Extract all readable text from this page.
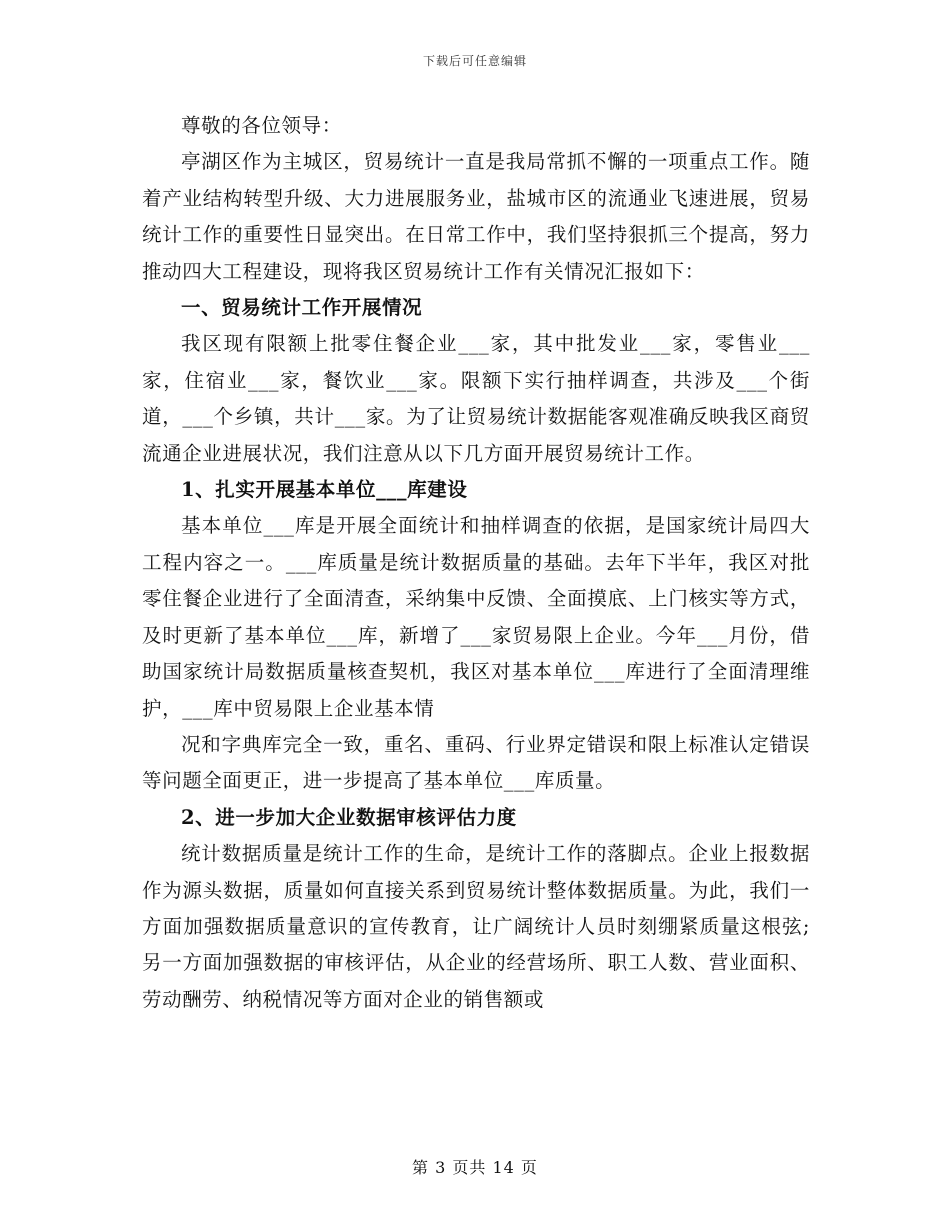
下载后可任意编辑

尊敬的各位领导：

亭湖区作为主城区，贸易统计一直是我局常抓不懈的一项重点工作。随着产业结构转型升级、大力进展服务业，盐城市区的流通业飞速进展，贸易统计工作的重要性日显突出。在日常工作中，我们坚持狠抓三个提高，努力推动四大工程建设，现将我区贸易统计工作有关情况汇报如下：

一、贸易统计工作开展情况

我区现有限额上批零住餐企业___家，其中批发业___家，零售业___家，住宿业___家，餐饮业___家。限额下实行抽样调查，共涉及___个街道，___个乡镇，共计___家。为了让贸易统计数据能客观准确反映我区商贸流通企业进展状况，我们注意从以下几方面开展贸易统计工作。

1、扎实开展基本单位___库建设

基本单位___库是开展全面统计和抽样调查的依据，是国家统计局四大工程内容之一。___库质量是统计数据质量的基础。去年下半年，我区对批零住餐企业进行了全面清查，采纳集中反馈、全面摸底、上门核实等方式，及时更新了基本单位___库，新增了___家贸易限上企业。今年___月份，借助国家统计局数据质量核查契机，我区对基本单位___库进行了全面清理维护，___库中贸易限上企业基本情

况和字典库完全一致，重名、重码、行业界定错误和限上标准认定错误等问题全面更正，进一步提高了基本单位___库质量。

2、进一步加大企业数据审核评估力度

统计数据质量是统计工作的生命，是统计工作的落脚点。企业上报数据作为源头数据，质量如何直接关系到贸易统计整体数据质量。为此，我们一方面加强数据质量意识的宣传教育，让广阔统计人员时刻绷紧质量这根弦;另一方面加强数据的审核评估，从企业的经营场所、职工人数、营业面积、劳动酬劳、纳税情况等方面对企业的销售额或

第 3 页共 14 页
